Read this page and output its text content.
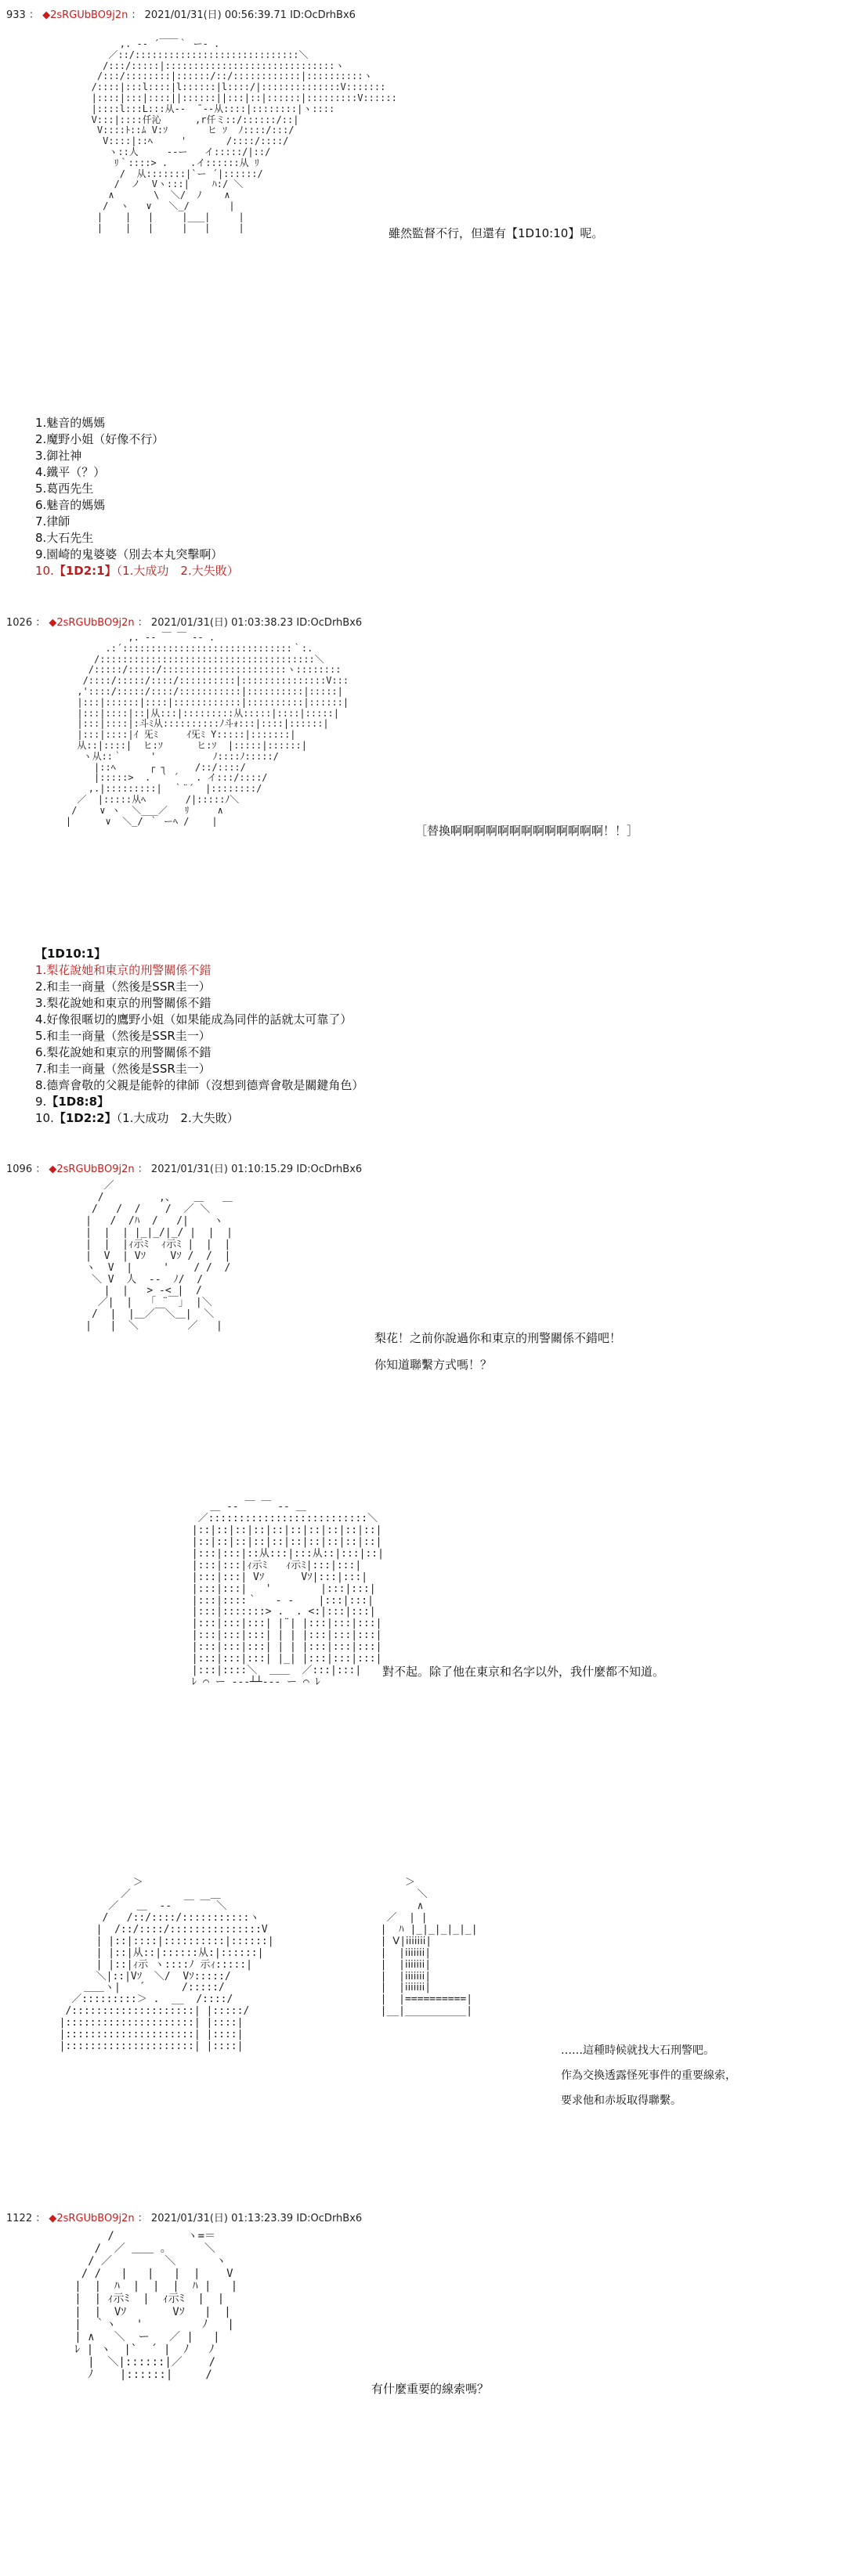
933 ： ◆2sRGUbBO9j2n ： 2021/01/31(日) 00:56:39.71 ID:OcDrhBx6
,. -‐ ´￣￣｀ ー- .
／::/:::::::::::::::::::::::::::::＼
/:::/:::::|::::::::::::::::::::::::::::::ヽ
/:::/::::::::|::::::/::/::::::::::::|::::::::::ヽ
/::::|:::l::::|l::::::|l::::/|::::::::::::::V:::::::
|::::|:::|::::||::::::||:::|::|::::::|:::::::::V::::::
|::::l:::L:::从-‐  ̄ ‐-从::::|::::::::|ヽ::::
V:::|::::仟沁      ,r仟ミ::/::::::/::|
V::::ﾄ::ﾑ V:ｿ       ヒ ｿ  ﾉ::::/:::/
V::::|::ﾍ     '       /::::/::::/
ヽ::人     ‐-ー   イ:::::/|::/
ﾘ｀::::> .    .イ::::::从 ﾘ
/  从:::::::|`ー ´|::::::/
/  ノ  Vヽ:::|    ﾊ:/ ＼
∧       \  ＼/  ﾉ    ∧
/  ヽ   ∨   ＼_/       |
|    |   |     |___|     |
|    |   |     |   |     |	雖然監督不行，但還有【1D10:10】呢。
1.魅音的媽媽
2.魔野小姐（好像不行）
3.御社神
4.鐵平（？）
5.葛西先生
6.魅音的媽媽
7.律師
8.大石先生
9.園崎的鬼婆婆（別去本丸突擊啊）
10.【1D2:1】（1.大成功　2.大失敗）
1026 ： ◆2sRGUbBO9j2n ： 2021/01/31(日) 01:03:38.23 ID:OcDrhBx6
,. -‐ ￣ ￣ ‐- .
.:´::::::::::::::::::::::::::::::｀:.
/::::::::::::::::::::::::::::::::::::::＼
/:::::/:::::/::::::::::::::::::::::ヽ::::::::
/::::/:::::/::::/::::::::::|:::::::::::::::V:::
,'::::/:::::/::::/:::::::::::|::::::::::|:::::|
|:::|::::::|::::|::::::::::::|::::::::::|::::::|
|:::|::::|::|从:::|:::::::::从:::::|::::|:::::|
|:::|::::|:斗ﾐ从::::::::::ﾉ斗ｫ:::|::::|::::::|
|:::|::::|ｲ 旡ﾐ     ｲ旡ﾐ Y:::::|:::::::|
从::|::::|  ヒ:ｿ      ヒ:ｿ  |:::::|::::::|
ヽ从::｀     '          ﾉ::::ﾉ:::::/
|::ﾍ      ┌ ┐     /::/::::/
|:::::>  .  ` ´   . イ:::/::::/
,.|:::::::::|  ｀¨´  |::::::::/
／  |:::::从ﾍ       /|:::::ﾉ＼
/    ∨ ヽ  ＼___／   ﾘ     ∧
|      ∨  ＼_/ ｀ ーﾍ /    |
［替換啊啊啊啊啊啊啊啊啊啊啊啊啊！！］
【1D10:1】
1.梨花說她和東京的刑警關係不錯
2.和圭一商量（然後是SSR圭一）
3.梨花說她和東京的刑警關係不錯
4.好像很暱切的鷹野小姐（如果能成為同伴的話就太可靠了）
5.和圭一商量（然後是SSR圭一）
6.梨花說她和東京的刑警關係不錯
7.和圭一商量（然後是SSR圭一）
8.德齊會敬的父親是能幹的律師（沒想到德齊會敬是關鍵角色）
9.【1D8:8】
10.【1D2:2】（1.大成功　2.大失敗）
1096 ： ◆2sRGUbBO9j2n ： 2021/01/31(日) 01:10:15.29 ID:OcDrhBx6
／
/         ,、   ＿   ＿
/   /  /    /  ／ ＼
|   /  /ﾊ  /   /|    ヽ
|  |  | |_|_/|_/ |  |  |
|  |  |ｨ示ﾐ  ｨ示ﾐ |  |  |
|  V  | Vｿ    Vｿ /  /  |
ヽ  V  |     '    / /  /
＼ V  人  ‐-  ﾉ/  /
|  |   > -< |  /
／|  |   ｢ ¨￣｣  |＼
/  |  |＿／￣＼＿|  ＼
|   |  ＼        ／   |
梨花！之前你說過你和東京的刑警關係不錯吧！
你知道聯繫方式嗎！？
＿ -‐ ￣ ￣ ‐- ＿
／::::::::::::::::::::::::::＼
|::|::|::|::|::|::|::|::|::|::|
|::|::|::|::|::|::|::|::|::|::|
|:::|:::|::从:::|:::从::|:::|::|
|:::|:::|ｨ示ﾐ   ｨ示ﾐ|:::|:::|
|:::|:::| Vｿ      Vｿ|:::|:::|
|:::|:::|   '        |:::|:::|
|:::|::::｀   - -    |:::|:::|
|:::|:::::::> .  . <:|:::|:::|
|:::|:::|:::| |¨| |:::|:::|:::|
|:::|:::|:::| | | |:::|:::|:::|
|:::|:::|:::| | | |:::|:::|:::|
|:::|:::|:::| |_| |:::|:::|:::|
|:::|::::＼  ＿＿  ／:::|:::|
ﾚ ⌒ ー ‐--┴┴--‐ ー ⌒ ﾚ
對不起。除了他在東京和名字以外，我什麼都不知道。
＞
／             ＿
／   ＿  -‐  ￣ ￣ ＼
/   /::/::::/:::::::::::ヽ
|  /::/::::/:::::::::::::::V
| |::|::::|::::::::::|::::::|
| |::|从::|::::::从:|::::::|
| |::|ｨ示 ヽ::::ﾉ 示ｨ:::::|
＼|::|Vｿ  ＼/  Vｿ:::::/
＿＿ヽ|   ´      /:::::/
／:::::::::＞ .  __  /::::/
/::::::::::::::::::::| |:::::/
|:::::::::::::::::::::| |::::|
|:::::::::::::::::::::| |::::|
|:::::::::::::::::::::| |::::|
＞
＼
∧
／  | |
|  ﾊ |_|_|_|_|_|
| Ⅴ|ⅰⅰⅰⅰⅰⅰⅰ|
|  |ⅰⅰⅰⅰⅰⅰⅰ|
|  |ⅰⅰⅰⅰⅰⅰⅰ|
|  |ⅰⅰⅰⅰⅰⅰⅰ|
|  |ⅰⅰⅰⅰⅰⅰⅰ|
|  |==========|
|__|__________|
……這種時候就找大石刑警吧。
作為交換透露怪死事件的重要線索，
要求他和赤坂取得聯繫。
1122 ： ◆2sRGUbBO9j2n ： 2021/01/31(日) 01:13:23.39 ID:OcDrhBx6
/           ヽ=＝
/  ／ ＿＿ 。     ＼
/ ／        ＼      ヽ
/ /   |   |   |  |    V
|  |  ﾊ  |  |  |  ﾊ |   |
|  | ｨ示ﾐ  |  ｨ示ﾐ  |  |
|  |  Vｿ       Vｿ   |  |
|  ｀ヽ   '         ﾉ   |
| ∧   ＼  ー   ／ |   |
ﾚ | ヽ  |`  ´ |  ﾉ   ﾉ
|  ＼|::::::|／    /
ﾉ    |::::::|     /
有什麼重要的線索嗎？
